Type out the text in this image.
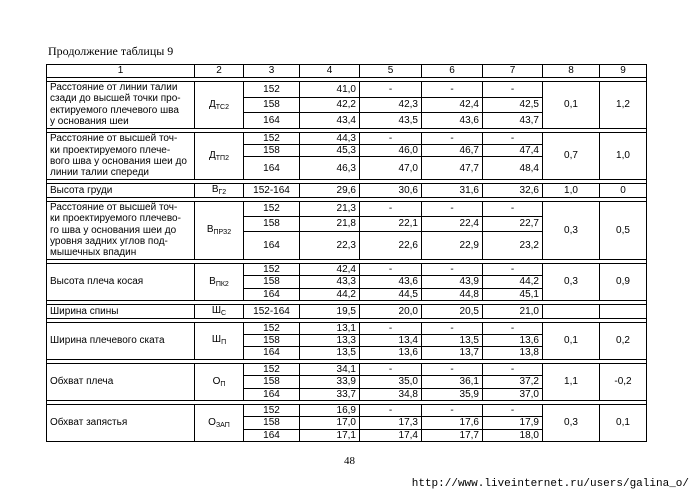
Продолжение таблицы 9
1	2	3	4	5	6	7	8	9

Расстояние от линии талии
сзади до высшей точки про-
ектируемого плечевого шва
у основания шеи	$Д_{ТС2}$	152	41,0	-	-	-	0,1	1,2
		158	42,2	42,3	42,4	42,5		
		164	43,4	43,5	43,6	43,7		

Расстояние от высшей точ-
ки проектируемого плече-
вого шва у основания шеи до
линии талии спереди	$Д_{ТП2}$	152	44,3	-	-	-	0,7	1,0
		158	45,3	46,0	46,7	47,4		
		164	46,3	47,0	47,7	48,4		

Высота груди	$В_{Г2}$	152-164	29,6	30,6	31,6	32,6	1,0	0

Расстояние от высшей точ-
ки проектируемого плечево-
го шва у основания шеи до
уровня задних углов под-
мышечных впадин	$В_{ПРЗ2}$	152	21,3	-	-	-	0,3	0,5
		158	21,8	22,1	22,4	22,7		
		164	22,3	22,6	22,9	23,2		

Высота плеча косая	$В_{ПК2}$	152	42,4	-	-	-	0,3	0,9
		158	43,3	43,6	43,9	44,2		
		164	44,2	44,5	44,8	45,1		

Ширина спины	$Ш_С$	152-164	19,5	20,0	20,5	21,0		

Ширина плечевого ската	$Ш_П$	152	13,1	-	-	-	0,1	0,2
		158	13,3	13,4	13,5	13,6		
		164	13,5	13,6	13,7	13,8		

Обхват плеча	$О_П$	152	34,1	-	-	-	1,1	-0,2
		158	33,9	35,0	36,1	37,2		
		164	33,7	34,8	35,9	37,0		

Обхват запястья	$О_{ЗАП}$	152	16,9	-	-	-	0,3	0,1
		158	17,0	17,3	17,6	17,9		
		164	17,1	17,4	17,7	18,0		
48
http://www.liveinternet.ru/users/galina_o/
